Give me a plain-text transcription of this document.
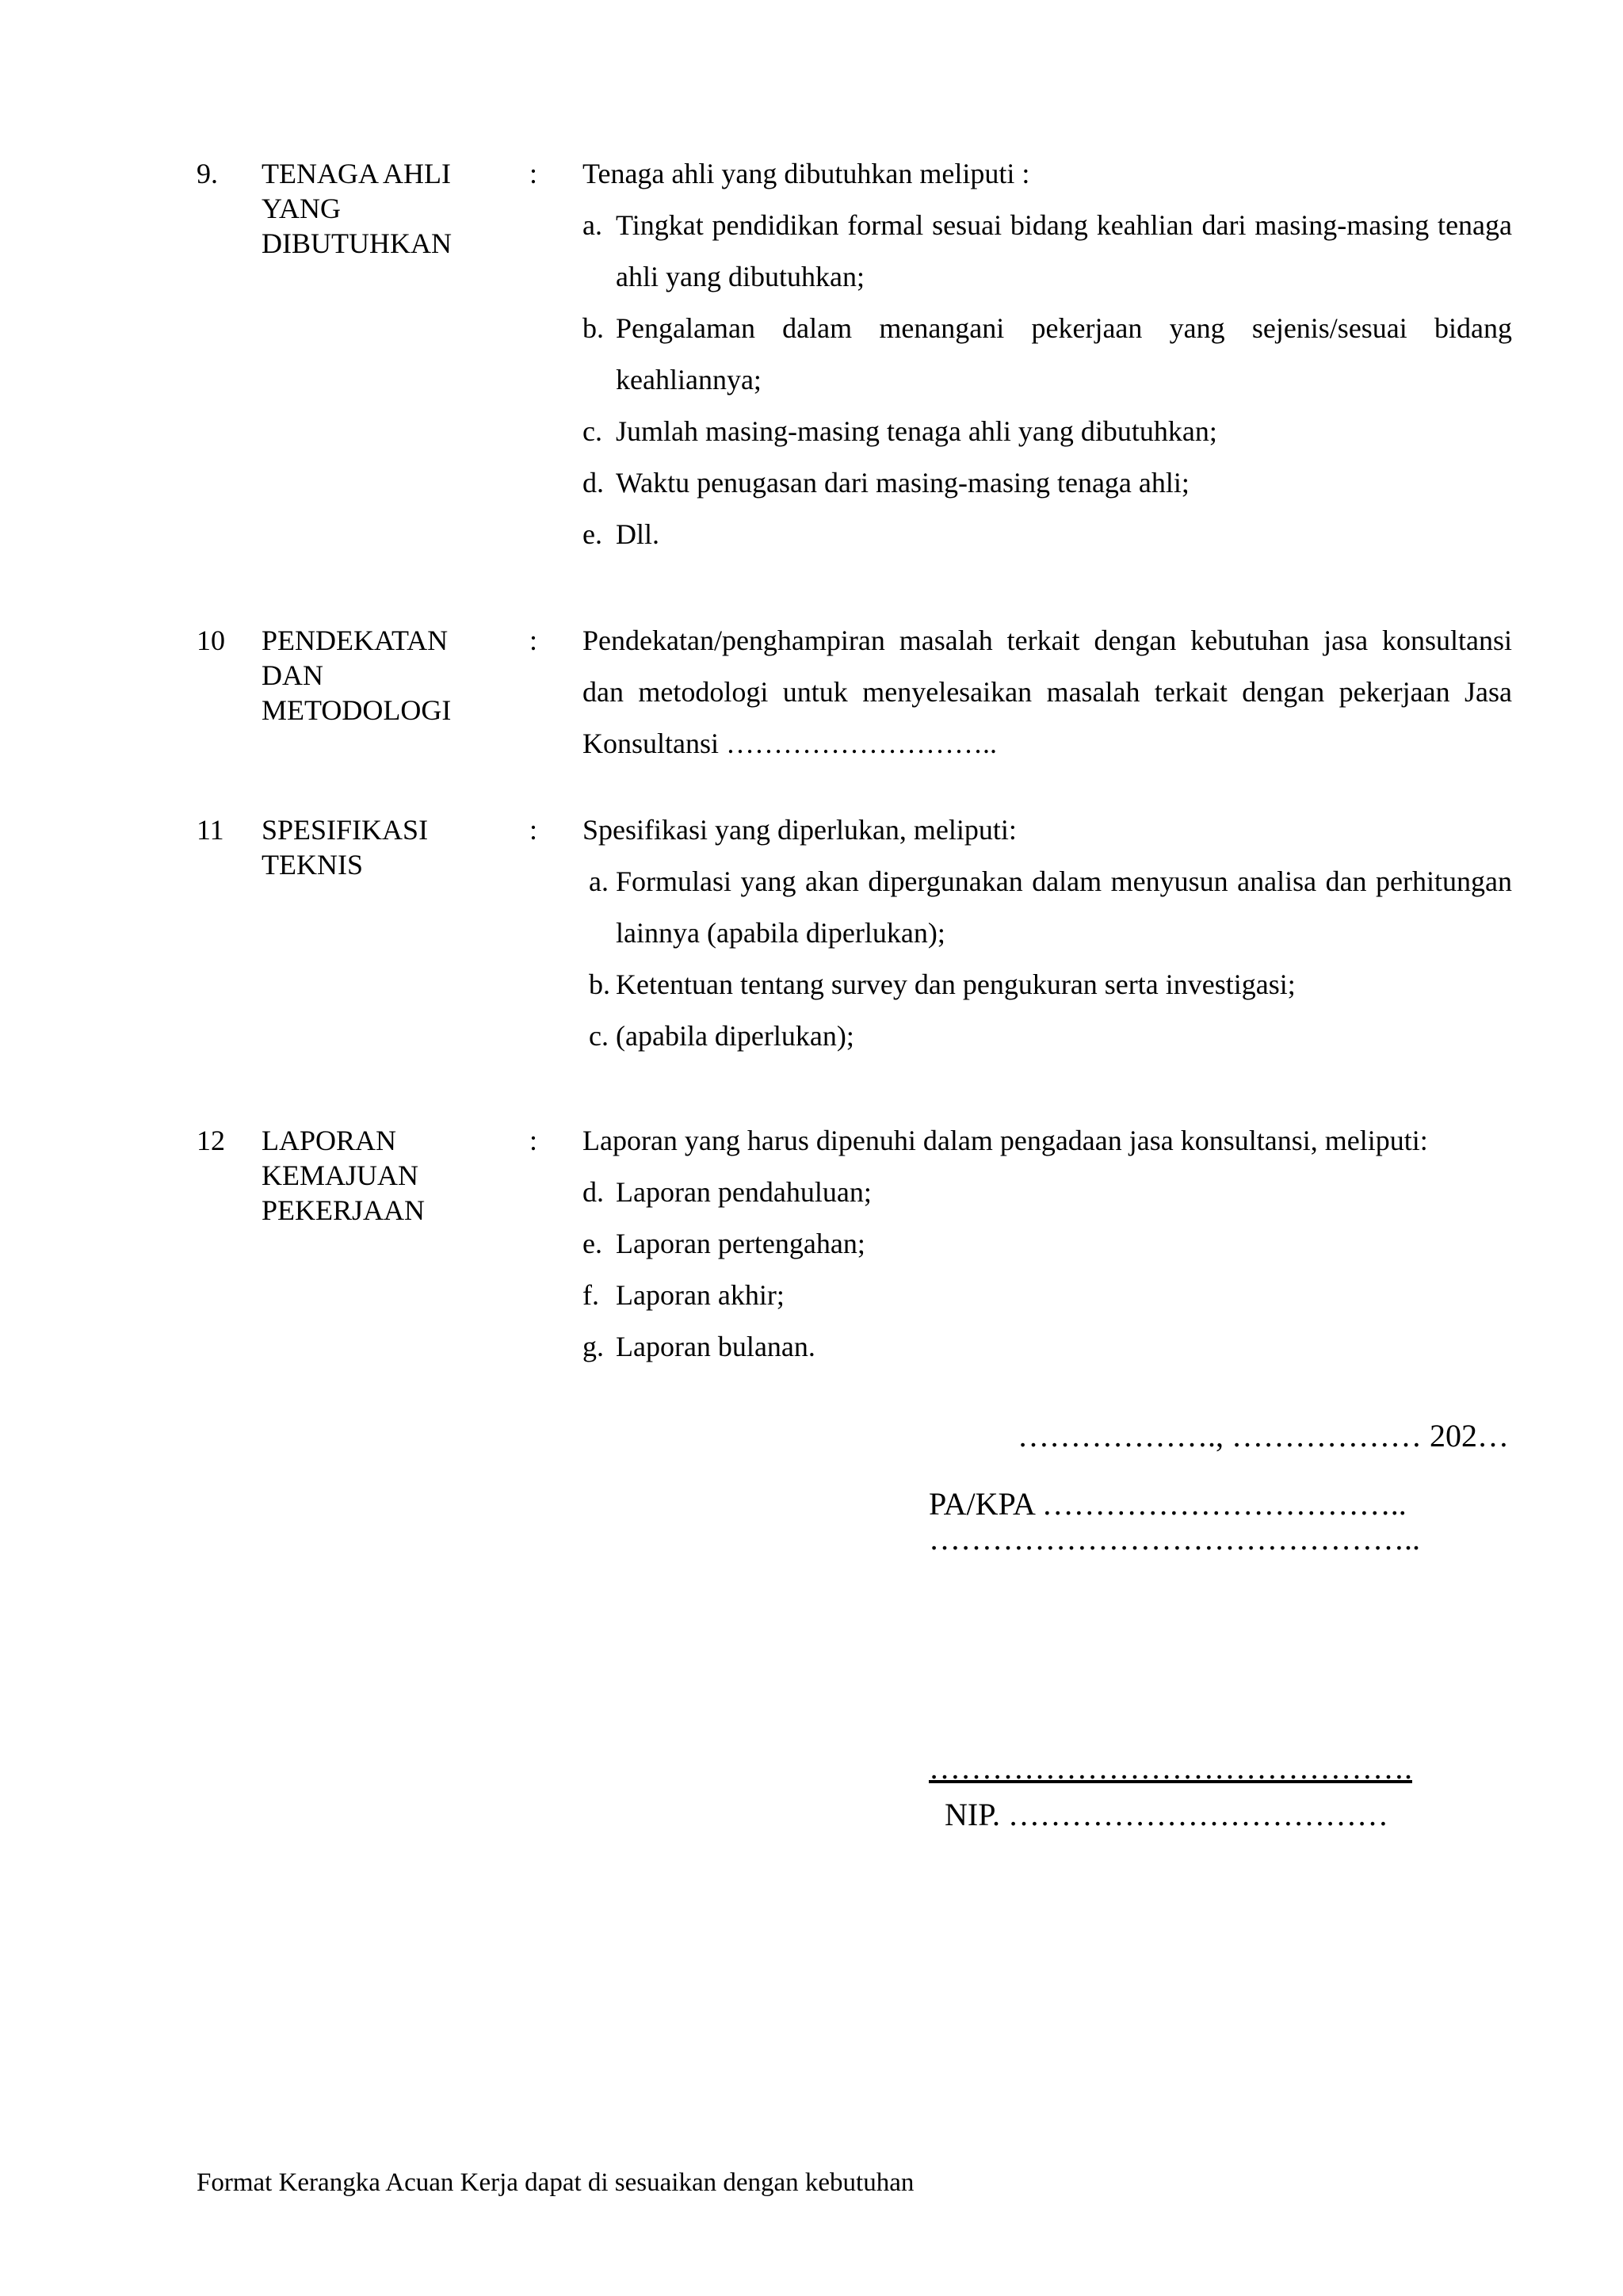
9. TENAGA AHLI
YANG
DIBUTUHKAN
: Tenaga ahli yang dibutuhkan meliputi :
a. Tingkat pendidikan formal sesuai bidang keahlian dari masing-masing tenaga ahli yang dibutuhkan;
b. Pengalaman dalam menangani pekerjaan yang sejenis/sesuai bidang keahliannya;
c. Jumlah masing-masing tenaga ahli yang dibutuhkan;
d. Waktu penugasan dari masing-masing tenaga ahli;
e. Dll.
10 PENDEKATAN
DAN
METODOLOGI
: Pendekatan/penghampiran masalah terkait dengan kebutuhan jasa konsultansi dan metodologi untuk menyelesaikan masalah terkait dengan pekerjaan Jasa Konsultansi ………………………..
11 SPESIFIKASI
TEKNIS
: Spesifikasi yang diperlukan, meliputi:
a. Formulasi yang akan dipergunakan dalam menyusun analisa dan perhitungan lainnya (apabila diperlukan);
b. Ketentuan tentang survey dan pengukuran serta investigasi;
c. (apabila diperlukan);
12 LAPORAN
KEMAJUAN
PEKERJAAN
: Laporan yang harus dipenuhi dalam pengadaan jasa konsultansi, meliputi:
d. Laporan pendahuluan;
e. Laporan pertengahan;
f. Laporan akhir;
g. Laporan bulanan.
………………., ……………… 202…
PA/KPA ……………………………..
………………………………………..
……………………………………….
NIP. ………………………………
Format Kerangka Acuan Kerja dapat di sesuaikan dengan kebutuhan
